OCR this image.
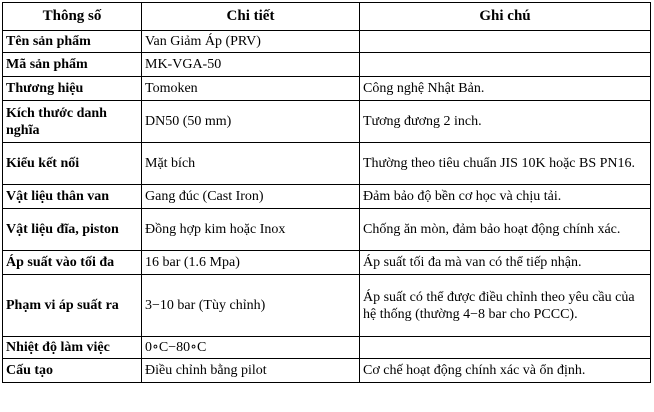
Thông số	Chi tiết	Ghi chú
Tên sản phẩm	Van Giảm Áp (PRV)	
Mã sản phẩm	MK-VGA-50	
Thương hiệu	Tomoken	Công nghệ Nhật Bản.
Kích thước danh nghĩa	DN50 (50 mm)	Tương đương 2 inch.
Kiểu kết nối	Mặt bích	Thường theo tiêu chuẩn JIS 10K hoặc BS PN16.
Vật liệu thân van	Gang đúc (Cast Iron)	Đảm bảo độ bền cơ học và chịu tải.
Vật liệu đĩa, piston	Đồng hợp kim hoặc Inox	Chống ăn mòn, đảm bảo hoạt động chính xác.
Áp suất vào tối đa	16 bar (1.6 Mpa)	Áp suất tối đa mà van có thể tiếp nhận.
Phạm vi áp suất ra	3−10 bar (Tùy chỉnh)	Áp suất có thể được điều chỉnh theo yêu cầu của hệ thống (thường 4−8 bar cho PCCC).
Nhiệt độ làm việc	0∘C−80∘C	
Cấu tạo	Điều chỉnh bằng pilot	Cơ chế hoạt động chính xác và ổn định.
